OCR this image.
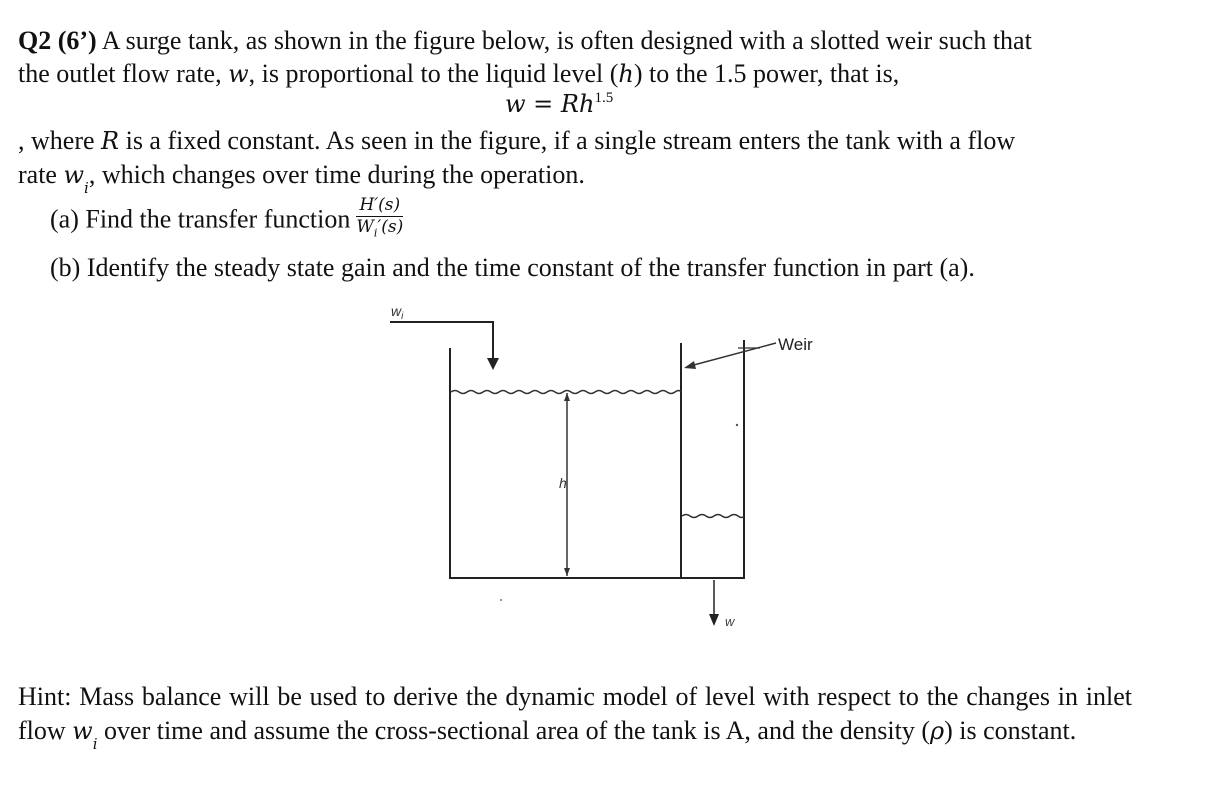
Q2 (6’) A surge tank, as shown in the figure below, is often designed with a slotted weir such that
the outlet flow rate, w, is proportional to the liquid level (h) to the 1.5 power, that is,
$w = Rh^{1.5}$
, where R is a fixed constant. As seen in the figure, if a single stream enters the tank with a flow
rate $w_i$, which changes over time during the operation.
(a) Find the transfer function $\frac{H'(s)}{W_i'(s)}$
(b) Identify the steady state gain and the time constant of the transfer function in part (a).
$w_i$
h
Weir
w
Hint: Mass balance will be used to derive the dynamic model of level with respect to the changes in inlet flow $w_i$ over time and assume the cross-sectional area of the tank is A, and the density (ρ) is constant.
